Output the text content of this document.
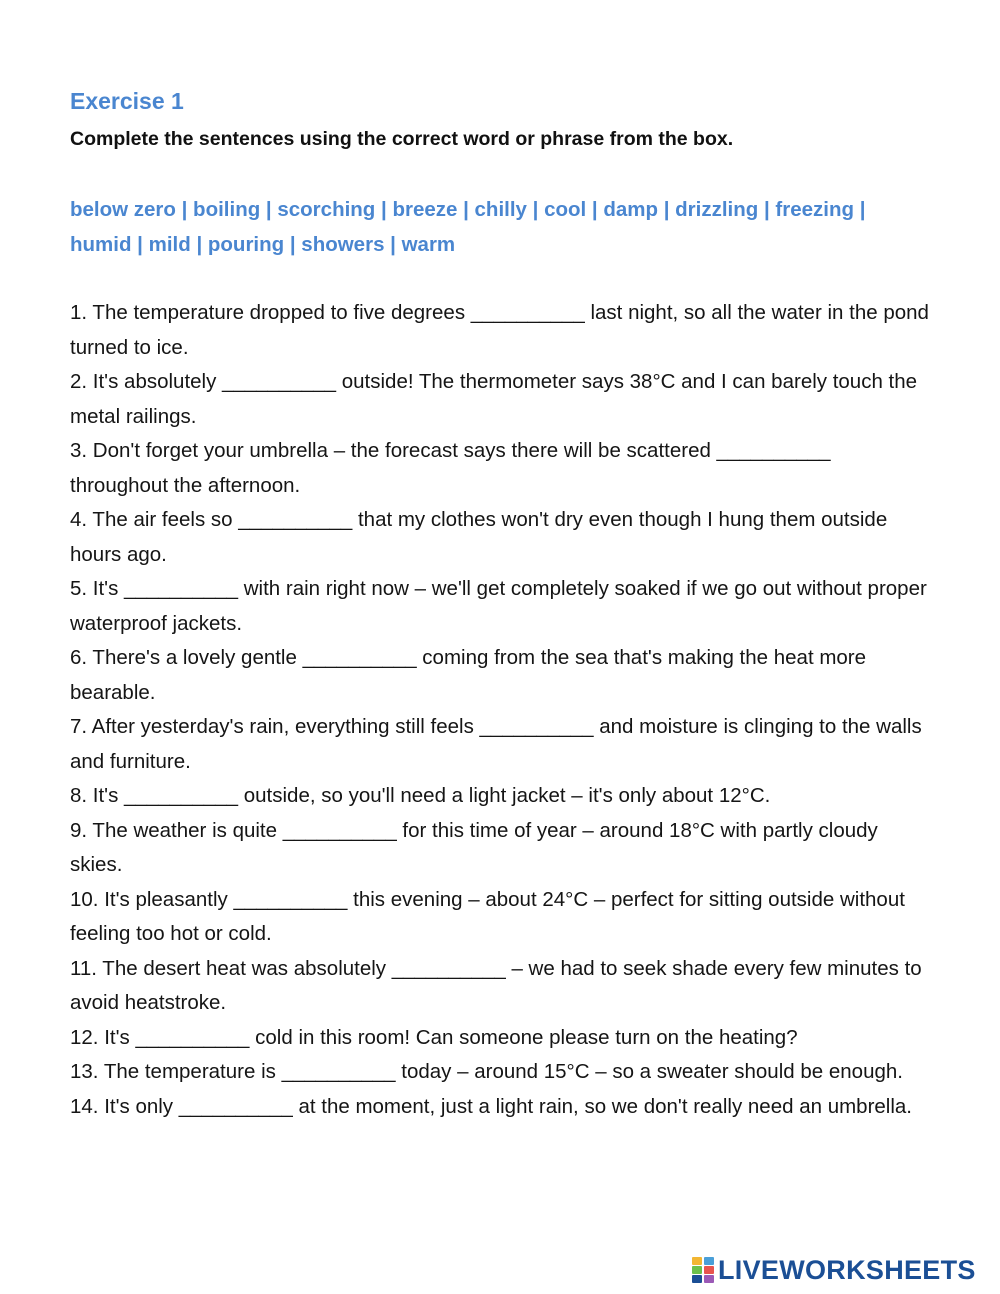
Exercise 1

Complete the sentences using the correct word or phrase from the box.

below zero | boiling | scorching | breeze | chilly | cool | damp | drizzling | freezing | humid | mild | pouring | showers | warm

1. The temperature dropped to five degrees __________ last night, so all the water in the pond turned to ice.
2. It's absolutely __________ outside! The thermometer says 38°C and I can barely touch the metal railings.
3. Don't forget your umbrella – the forecast says there will be scattered __________ throughout the afternoon.
4. The air feels so __________ that my clothes won't dry even though I hung them outside hours ago.
5. It's __________ with rain right now – we'll get completely soaked if we go out without proper waterproof jackets.
6. There's a lovely gentle __________ coming from the sea that's making the heat more bearable.
7. After yesterday's rain, everything still feels __________ and moisture is clinging to the walls and furniture.
8. It's __________ outside, so you'll need a light jacket – it's only about 12°C.
9. The weather is quite __________ for this time of year – around 18°C with partly cloudy skies.
10. It's pleasantly __________ this evening – about 24°C – perfect for sitting outside without feeling too hot or cold.
11. The desert heat was absolutely __________ – we had to seek shade every few minutes to avoid heatstroke.
12. It's __________ cold in this room! Can someone please turn on the heating?
13. The temperature is __________ today – around 15°C – so a sweater should be enough.
14. It's only __________ at the moment, just a light rain, so we don't really need an umbrella.
LIVEWORKSHEETS
